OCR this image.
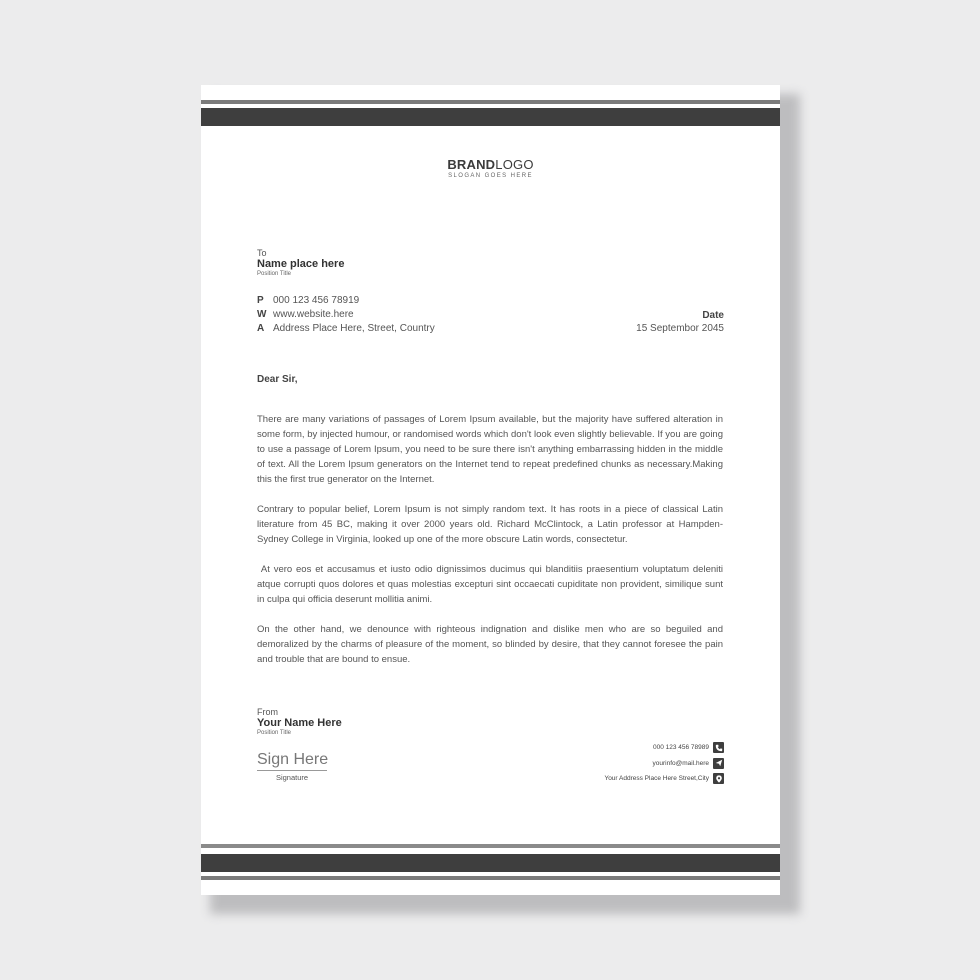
BRANDLOGO
SLOGAN GOES HERE
To
Name place here
Position Title
P 000 123 456 78919
W www.website.here
A Address Place Here, Street, Country
Date
15 Septembor 2045
Dear Sir,

There are many variations of passages of Lorem Ipsum available, but the majority have suffered alteration in some form, by injected humour, or randomised words which don't look even slightly believable. If you are going to use a passage of Lorem Ipsum, you need to be sure there isn't anything embarrassing hidden in the middle of text. All the Lorem Ipsum generators on the Internet tend to repeat predefined chunks as necessary.Making this the first true generator on the Internet.

Contrary to popular belief, Lorem Ipsum is not simply random text. It has roots in a piece of classical Latin literature from 45 BC, making it over 2000 years old. Richard McClintock, a Latin professor at Hampden-Sydney College in Virginia, looked up one of the more obscure Latin words, consectetur.

At vero eos et accusamus et iusto odio dignissimos ducimus qui blanditiis praesentium voluptatum deleniti atque corrupti quos dolores et quas molestias excepturi sint occaecati cupiditate non provident, similique sunt in culpa qui officia deserunt mollitia animi.

On the other hand, we denounce with righteous indignation and dislike men who are so beguiled and demoralized by the charms of pleasure of the moment, so blinded by desire, that they cannot foresee the pain and trouble that are bound to ensue.

From
Your Name Here
Position Title
Sign Here
Signature
000 123 456 78989
yourinfo@mail.here
Your Address Place Here Street,City
